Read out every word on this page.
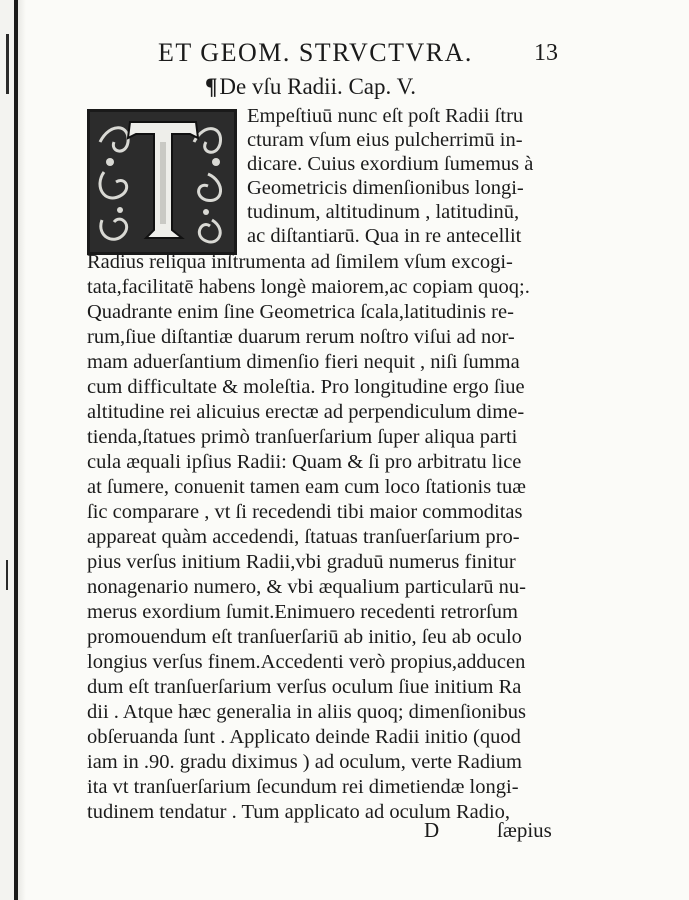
ET GEOM. STRVCTVRA.	13
¶De vſu Radii. Cap. V.
Empeſtiuū nunc eſt poſt Radii ſtru
cturam vſum eius pulcherrimū in-
dicare. Cuius exordium ſumemus à
Geometricis dimenſionibus longi-
tudinum, altitudinum , latitudinū,
ac diſtantiarū. Qua in re antecellit
Radius reliqua inſtrumenta ad ſimilem vſum excogi-
tata,facilitatē habens longè maiorem,ac copiam quoq;.
Quadrante enim ſine Geometrica ſcala,latitudinis re-
rum,ſiue diſtantiæ duarum rerum noſtro viſui ad nor-
mam aduerſantium dimenſio fieri nequit , niſi ſumma
cum difficultate & moleſtia. Pro longitudine ergo ſiue
altitudine rei alicuius erectæ ad perpendiculum dime-
tienda,ſtatues primò tranſuerſarium ſuper aliqua parti
cula æquali ipſius Radii: Quam & ſi pro arbitratu lice
at ſumere, conuenit tamen eam cum loco ſtationis tuæ
ſic comparare , vt ſi recedendi tibi maior commoditas
appareat quàm accedendi, ſtatuas tranſuerſarium pro-
pius verſus initium Radii,vbi graduū numerus finitur
nonagenario numero, & vbi æqualium particularū nu-
merus exordium ſumit.Enimuero recedenti retrorſum
promouendum eſt tranſuerſariū ab initio, ſeu ab oculo
longius verſus finem.Accedenti verò propius,adducen
dum eſt tranſuerſarium verſus oculum ſiue initium Ra
dii . Atque hæc generalia in aliis quoq; dimenſionibus
obſeruanda ſunt . Applicato deinde Radii initio (quod
iam in .90. gradu diximus ) ad oculum, verte Radium
ita vt tranſuerſarium ſecundum rei dimetiendæ longi-
tudinem tendatur . Tum applicato ad oculum Radio,
D	ſæpius
